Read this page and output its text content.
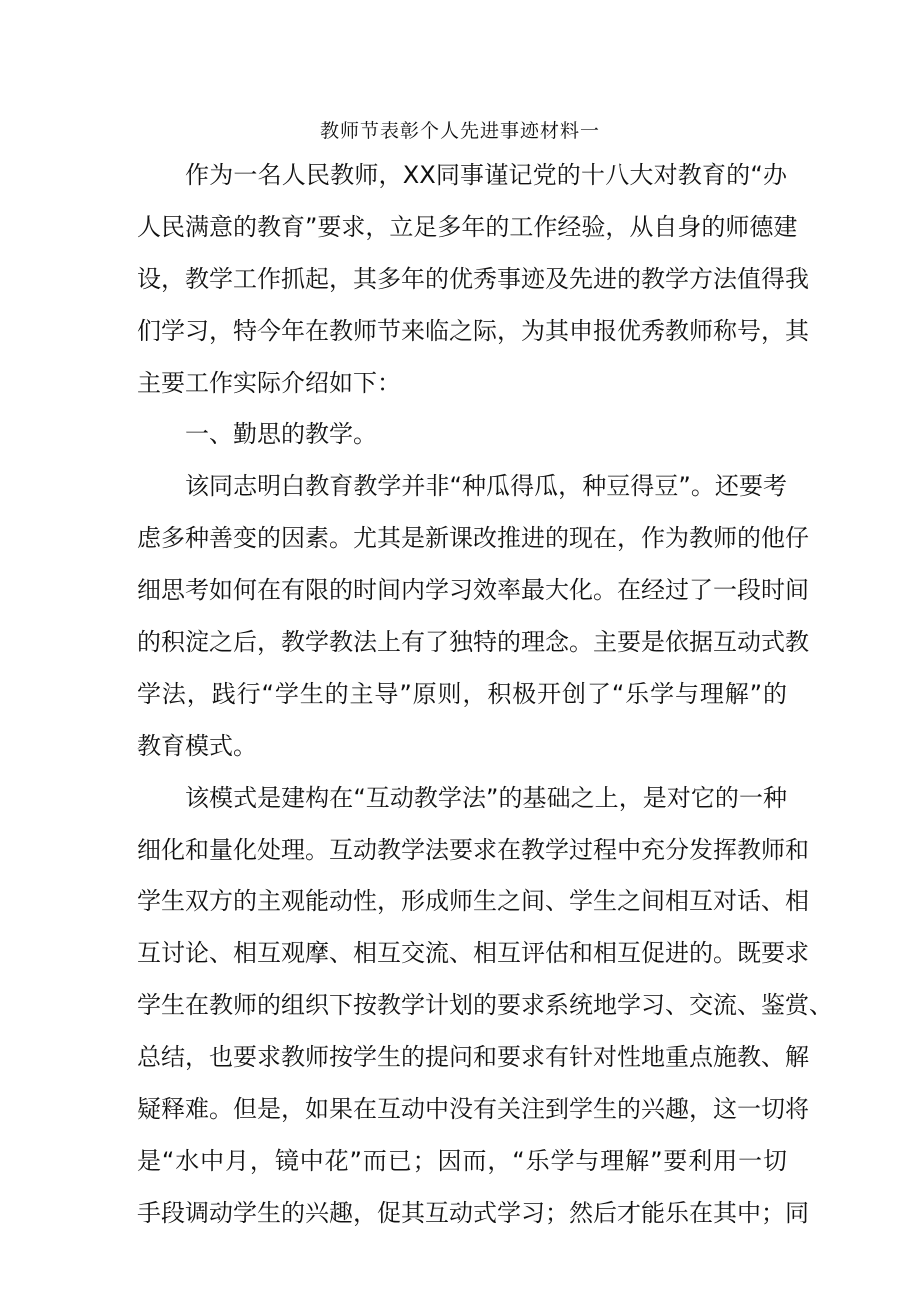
教师节表彰个人先进事迹材料一
作为一名人民教师，XX同事谨记党的十八大对教育的“办
人民满意的教育”要求，立足多年的工作经验，从自身的师德建
设，教学工作抓起，其多年的优秀事迹及先进的教学方法值得我
们学习，特今年在教师节来临之际，为其申报优秀教师称号，其
主要工作实际介绍如下：
一、勤思的教学。
该同志明白教育教学并非“种瓜得瓜，种豆得豆”。还要考
虑多种善变的因素。尤其是新课改推进的现在，作为教师的他仔
细思考如何在有限的时间内学习效率最大化。在经过了一段时间
的积淀之后，教学教法上有了独特的理念。主要是依据互动式教
学法，践行“学生的主导”原则，积极开创了“乐学与理解”的
教育模式。
该模式是建构在“互动教学法”的基础之上，是对它的一种
细化和量化处理。互动教学法要求在教学过程中充分发挥教师和
学生双方的主观能动性，形成师生之间、学生之间相互对话、相
互讨论、相互观摩、相互交流、相互评估和相互促进的。既要求
学生在教师的组织下按教学计划的要求系统地学习、交流、鉴赏、
总结，也要求教师按学生的提问和要求有针对性地重点施教、解
疑释难。但是，如果在互动中没有关注到学生的兴趣，这一切将
是“水中月，镜中花”而已；因而，“乐学与理解”要利用一切
手段调动学生的兴趣，促其互动式学习；然后才能乐在其中；同
